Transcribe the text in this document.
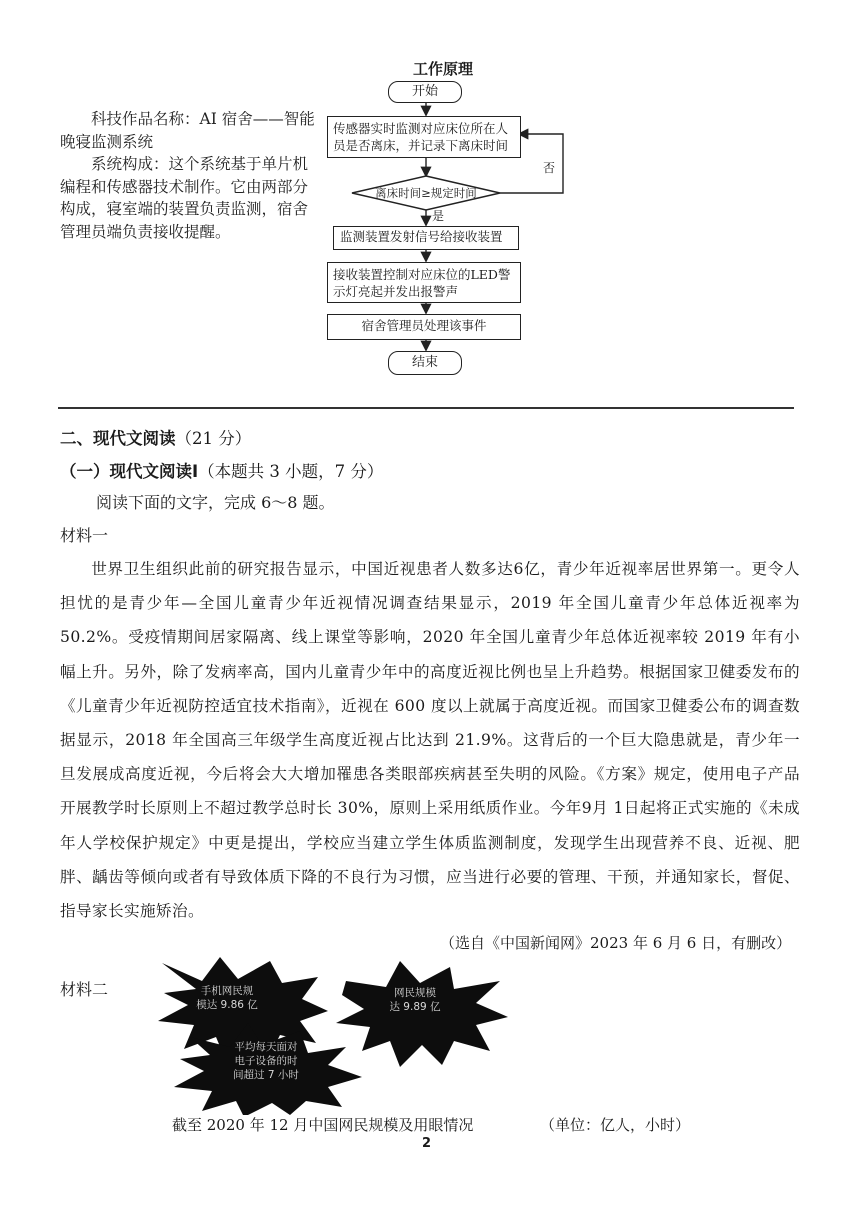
科技作品名称：AI 宿舍——智能晚寝监测系统

系统构成：这个系统基于单片机编程和传感器技术制作。它由两部分构成，寝室端的装置负责监测，宿舍管理员端负责接收提醒。

工作原理
离床时间≥规定时间
否
是
开始
传感器实时监测对应床位所在人员是否离床，并记录下离床时间
监测装置发射信号给接收装置
接收装置控制对应床位的LED警示灯亮起并发出报警声
宿舍管理员处理该事件
结束
二、现代文阅读（21 分）
（一）现代文阅读Ⅰ（本题共 3 小题，7 分）
阅读下面的文字，完成 6～8 题。
材料一
世界卫生组织此前的研究报告显示，中国近视患者人数多达6亿，青少年近视率居世界第一。更令人担忧的是青少年—全国儿童青少年近视情况调查结果显示，2019 年全国儿童青少年总体近视率为 50.2%。受疫情期间居家隔离、线上课堂等影响，2020 年全国儿童青少年总体近视率较 2019 年有小幅上升。另外，除了发病率高，国内儿童青少年中的高度近视比例也呈上升趋势。根据国家卫健委发布的《儿童青少年近视防控适宜技术指南》，近视在 600 度以上就属于高度近视。而国家卫健委公布的调查数据显示，2018 年全国高三年级学生高度近视占比达到 21.9%。这背后的一个巨大隐患就是，青少年一旦发展成高度近视，今后将会大大增加罹患各类眼部疾病甚至失明的风险。《方案》规定，使用电子产品开展教学时长原则上不超过教学总时长 30%，原则上采用纸质作业。今年9月 1日起将正式实施的《未成年人学校保护规定》中更是提出，学校应当建立学生体质监测制度，发现学生出现营养不良、近视、肥胖、龋齿等倾向或者有导致体质下降的不良行为习惯，应当进行必要的管理、干预，并通知家长，督促、指导家长实施矫治。
（选自《中国新闻网》2023 年 6 月 6 日，有删改）
材料二	手机网民规
模达 9.86 亿
网民规模
达 9.89 亿
平均每天面对
电子设备的时
间超过 7 小时
截至 2020 年 12 月中国网民规模及用眼情况	（单位：亿人，小时）
2
